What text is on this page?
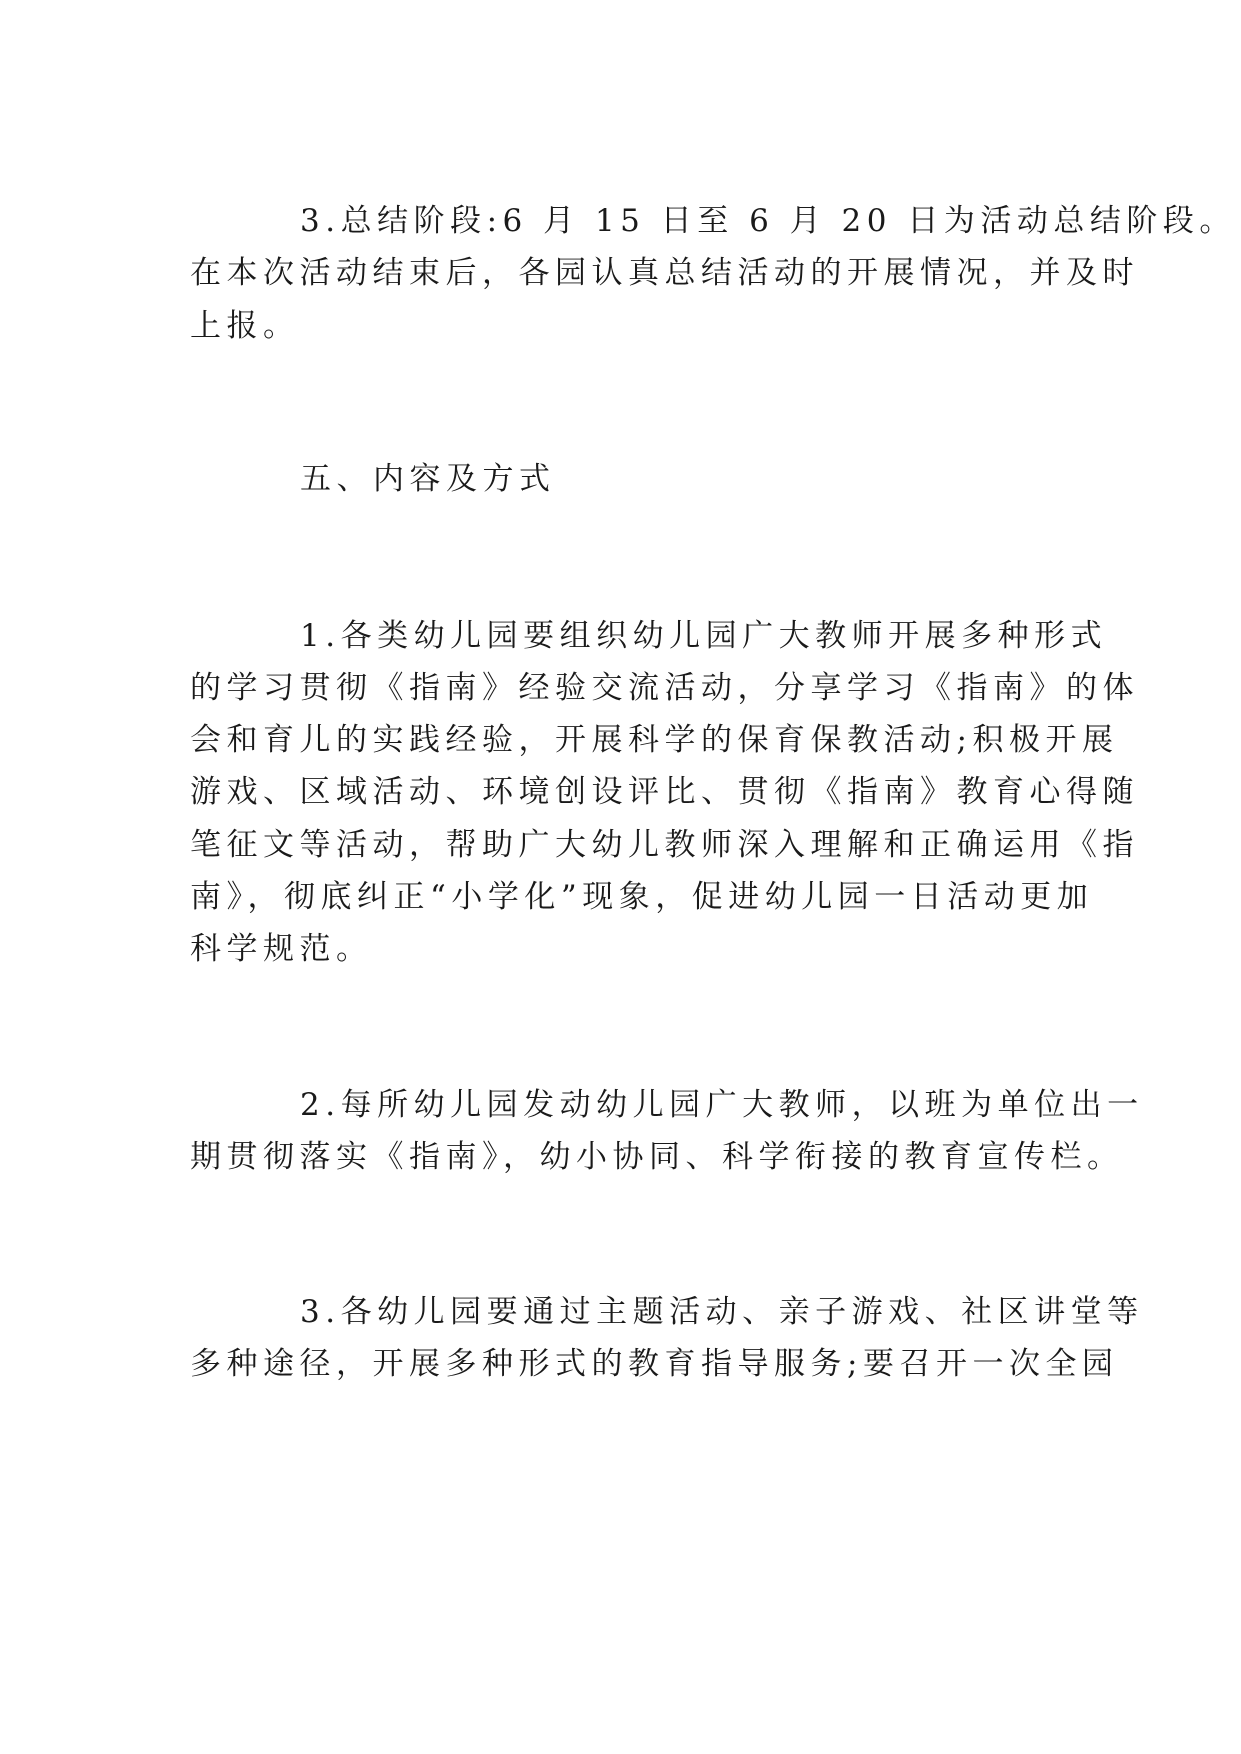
3.总结阶段:6 月 15 日至 6 月 20 日为活动总结阶段。
在本次活动结束后，各园认真总结活动的开展情况，并及时
上报。
五、内容及方式
1.各类幼儿园要组织幼儿园广大教师开展多种形式
的学习贯彻《指南》经验交流活动，分享学习《指南》的体
会和育儿的实践经验，开展科学的保育保教活动;积极开展
游戏、区域活动、环境创设评比、贯彻《指南》教育心得随
笔征文等活动，帮助广大幼儿教师深入理解和正确运用《指
南》，彻底纠正“小学化”现象，促进幼儿园一日活动更加
科学规范。
2.每所幼儿园发动幼儿园广大教师，以班为单位出一
期贯彻落实《指南》，幼小协同、科学衔接的教育宣传栏。
3.各幼儿园要通过主题活动、亲子游戏、社区讲堂等
多种途径，开展多种形式的教育指导服务;要召开一次全园
